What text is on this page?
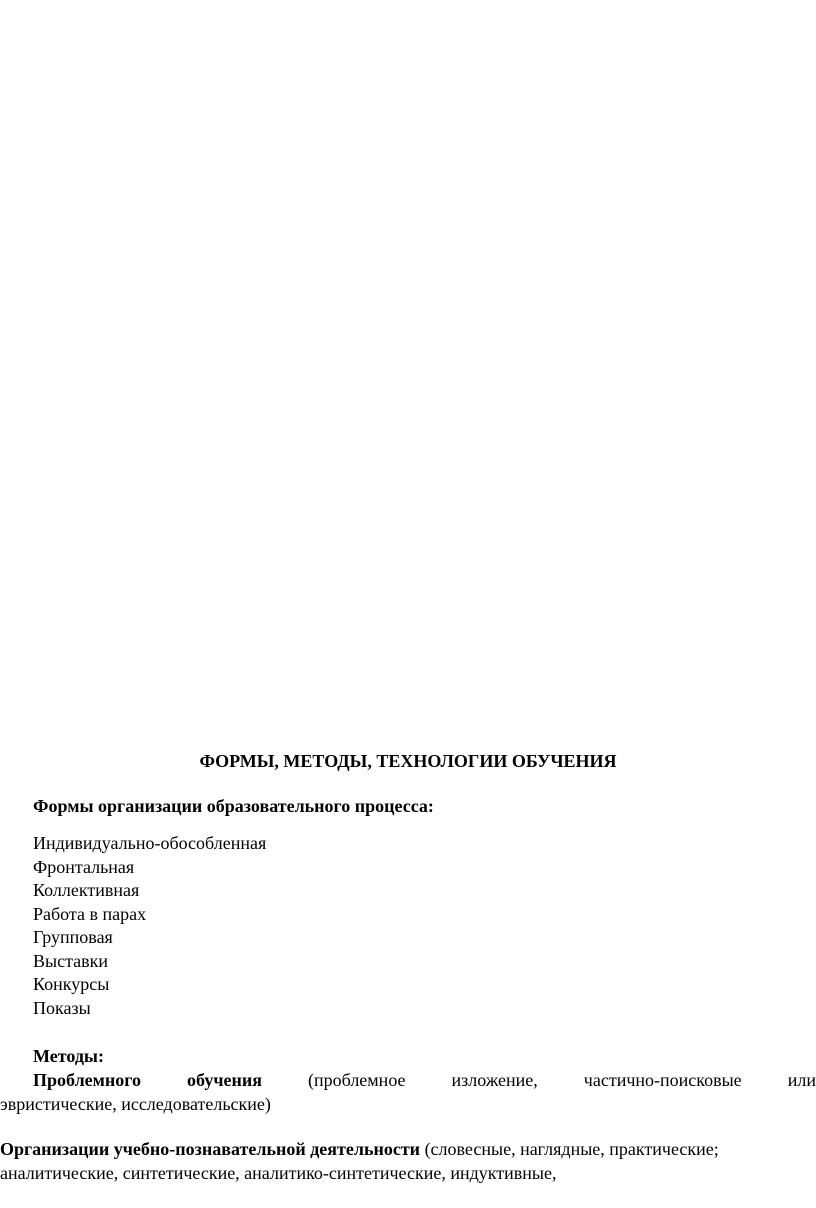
ФОРМЫ, МЕТОДЫ, ТЕХНОЛОГИИ ОБУЧЕНИЯ
Формы организации образовательного процесса:
Индивидуально-обособленная
Фронтальная
Коллективная
Работа в парах
Групповая
Выставки
Конкурсы
Показы
Методы:
Проблемного	обучения	(проблемное	изложение,	частично-поисковые	или
эвристические, исследовательские)
Организации учебно-познавательной деятельности (словесные, наглядные, практические;
аналитические, синтетические, аналитико-синтетические, индуктивные,
